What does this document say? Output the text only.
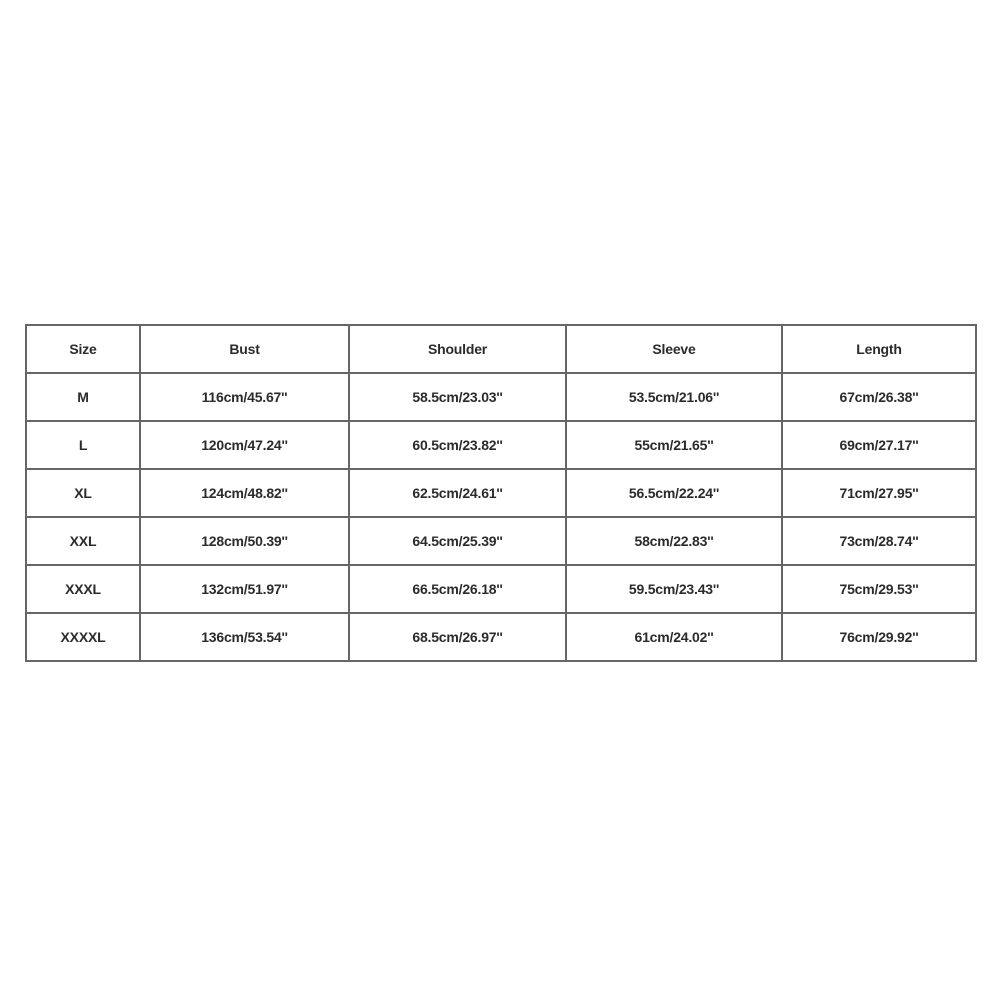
Size	Bust	Shoulder	Sleeve	Length
M	116cm/45.67''	58.5cm/23.03''	53.5cm/21.06''	67cm/26.38''
L	120cm/47.24''	60.5cm/23.82''	55cm/21.65''	69cm/27.17''
XL	124cm/48.82''	62.5cm/24.61''	56.5cm/22.24''	71cm/27.95''
XXL	128cm/50.39''	64.5cm/25.39''	58cm/22.83''	73cm/28.74''
XXXL	132cm/51.97''	66.5cm/26.18''	59.5cm/23.43''	75cm/29.53''
XXXXL	136cm/53.54''	68.5cm/26.97''	61cm/24.02''	76cm/29.92''
